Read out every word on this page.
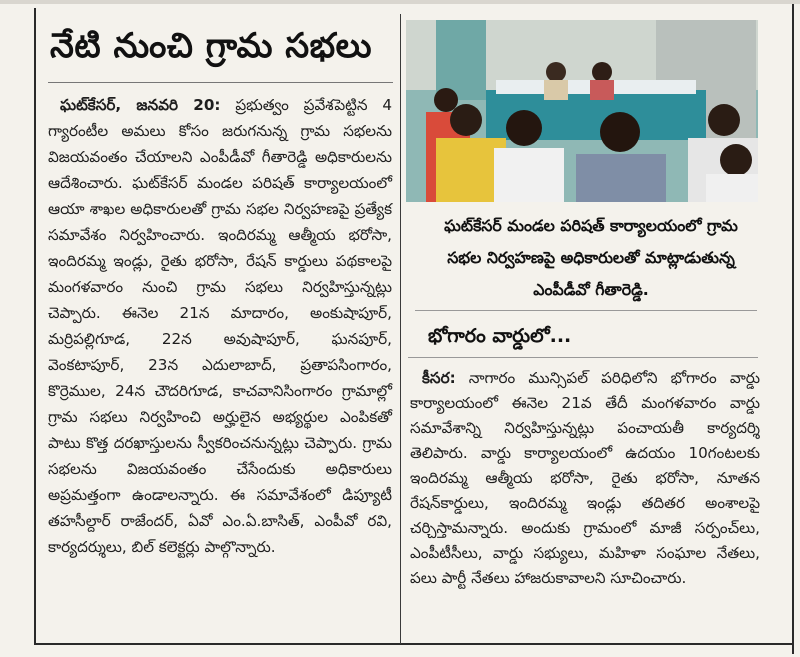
నేటి నుంచి గ్రామ సభలు

ఘట్‌కేసర్, జనవరి 20: ప్రభుత్వం ప్రవేశపెట్టిన 4 గ్యారంటీల అమలు కోసం జరుగనున్న గ్రామ సభలను విజయవంతం చేయాలని ఎంపీడీవో గీతారెడ్డి అధికారులను ఆదేశించారు. ఘట్‌కేసర్ మండల పరిషత్ కార్యాలయంలో ఆయా శాఖల అధికారులతో గ్రామ సభల నిర్వహణపై ప్రత్యేక సమావేశం నిర్వహించారు. ఇందిరమ్మ ఆత్మీయ భరోసా, ఇందిరమ్మ ఇండ్లు, రైతు భరోసా, రేషన్ కార్డులు పథకాలపై మంగళవారం నుంచి గ్రామ సభలు నిర్వహిస్తున్నట్లు చెప్పారు. ఈనెల 21న మాదారం, అంకుషాపూర్, మర్రిపల్లిగూడ, 22న అవుషాపూర్, ఘనపూర్, వెంకటాపూర్, 23న ఎదులాబాద్, ప్రతాపసింగారం, కొర్రెముల, 24న చౌదరిగూడ, కాచవానిసింగారం గ్రామాల్లో గ్రామ సభలు నిర్వహించి అర్హులైన అభ్యర్థుల ఎంపికతో పాటు కొత్త దరఖాస్తులను స్వీకరించనున్నట్లు చెప్పారు. గ్రామ సభలను విజయవంతం చేసేందుకు అధికారులు అప్రమత్తంగా ఉండాలన్నారు. ఈ సమావేశంలో డిప్యూటీ తహసీల్దార్ రాజేందర్, ఏవో ఎం.ఏ.బాసిత్, ఎంపీవో రవి, కార్యదర్శులు, బిల్ కలెక్టర్లు పాల్గొన్నారు.

ఘట్‌కేసర్ మండల పరిషత్ కార్యాలయంలో గ్రామ సభల నిర్వహణపై అధికారులతో మాట్లాడుతున్న ఎంపీడీవో గీతారెడ్డి.
భోగారం వార్డులో...

కీసర: నాగారం మున్సిపల్ పరిధిలోని భోగారం వార్డు కార్యాలయంలో ఈనెల 21వ తేదీ మంగళవారం వార్డు సమావేశాన్ని నిర్వహిస్తున్నట్లు పంచాయతీ కార్యదర్శి తెలిపారు. వార్డు కార్యాలయంలో ఉదయం 10గంటలకు ఇందిరమ్మ ఆత్మీయ భరోసా, రైతు భరోసా, నూతన రేషన్‌కార్డులు, ఇందిరమ్మ ఇండ్లు తదితర అంశాలపై చర్చిస్తామన్నారు. అందుకు గ్రామంలో మాజీ సర్పంచ్‌లు, ఎంపీటీసీలు, వార్డు సభ్యులు, మహిళా సంఘాల నేతలు, పలు పార్టీ నేతలు హాజరుకావాలని సూచించారు.
